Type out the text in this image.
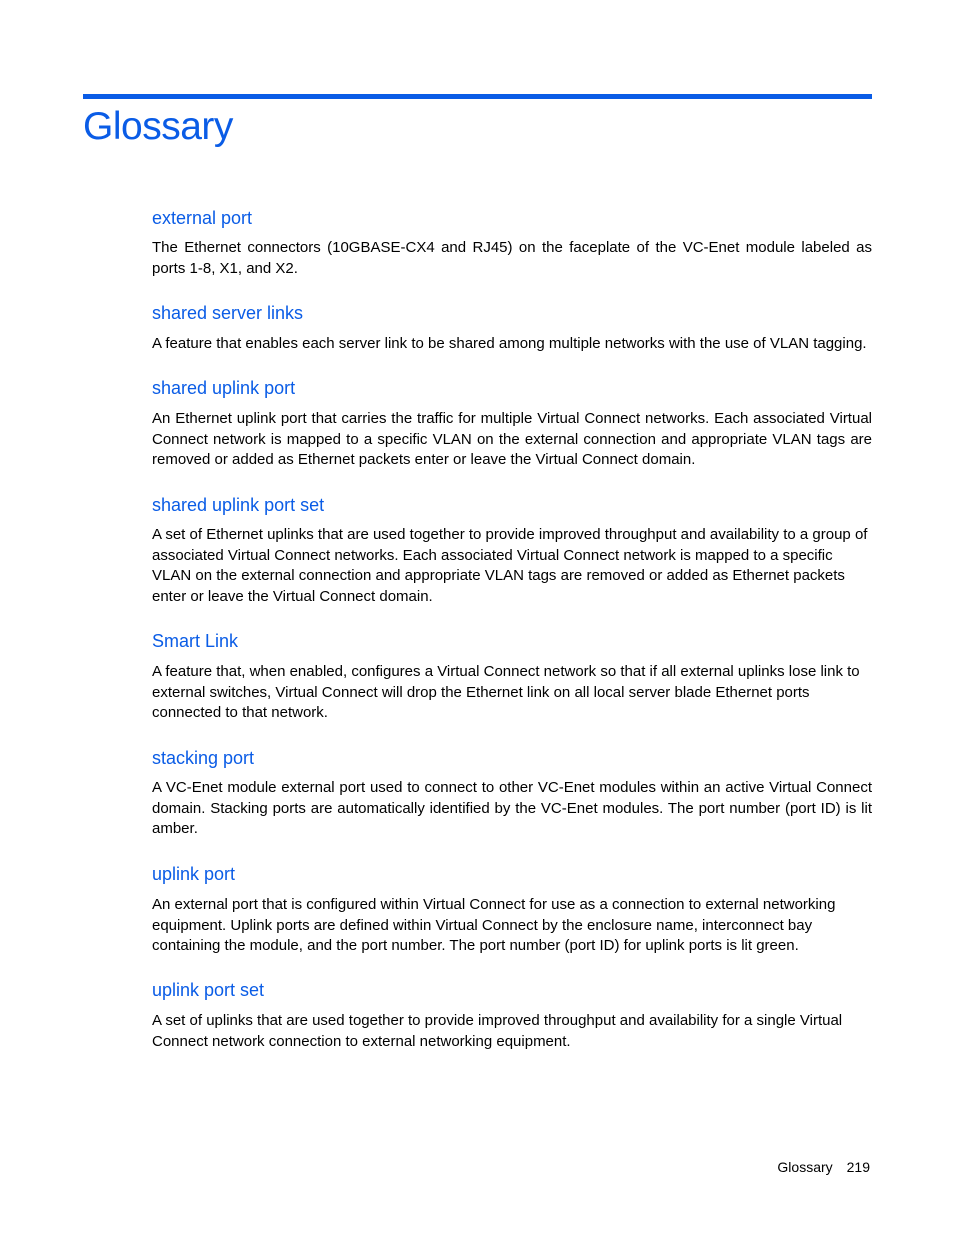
Glossary
external port

The Ethernet connectors (10GBASE-CX4 and RJ45) on the faceplate of the VC-Enet module labeled as ports 1-8, X1, and X2.

shared server links

A feature that enables each server link to be shared among multiple networks with the use of VLAN tagging.

shared uplink port

An Ethernet uplink port that carries the traffic for multiple Virtual Connect networks. Each associated Virtual Connect network is mapped to a specific VLAN on the external connection and appropriate VLAN tags are removed or added as Ethernet packets enter or leave the Virtual Connect domain.

shared uplink port set

A set of Ethernet uplinks that are used together to provide improved throughput and availability to a group of associated Virtual Connect networks. Each associated Virtual Connect network is mapped to a specific VLAN on the external connection and appropriate VLAN tags are removed or added as Ethernet packets enter or leave the Virtual Connect domain.

Smart Link

A feature that, when enabled, configures a Virtual Connect network so that if all external uplinks lose link to external switches, Virtual Connect will drop the Ethernet link on all local server blade Ethernet ports connected to that network.

stacking port

A VC-Enet module external port used to connect to other VC-Enet modules within an active Virtual Connect domain. Stacking ports are automatically identified by the VC-Enet modules. The port number (port ID) is lit amber.

uplink port

An external port that is configured within Virtual Connect for use as a connection to external networking equipment. Uplink ports are defined within Virtual Connect by the enclosure name, interconnect bay containing the module, and the port number. The port number (port ID) for uplink ports is lit green.

uplink port set

A set of uplinks that are used together to provide improved throughput and availability for a single Virtual Connect network connection to external networking equipment.

Glossary 219
